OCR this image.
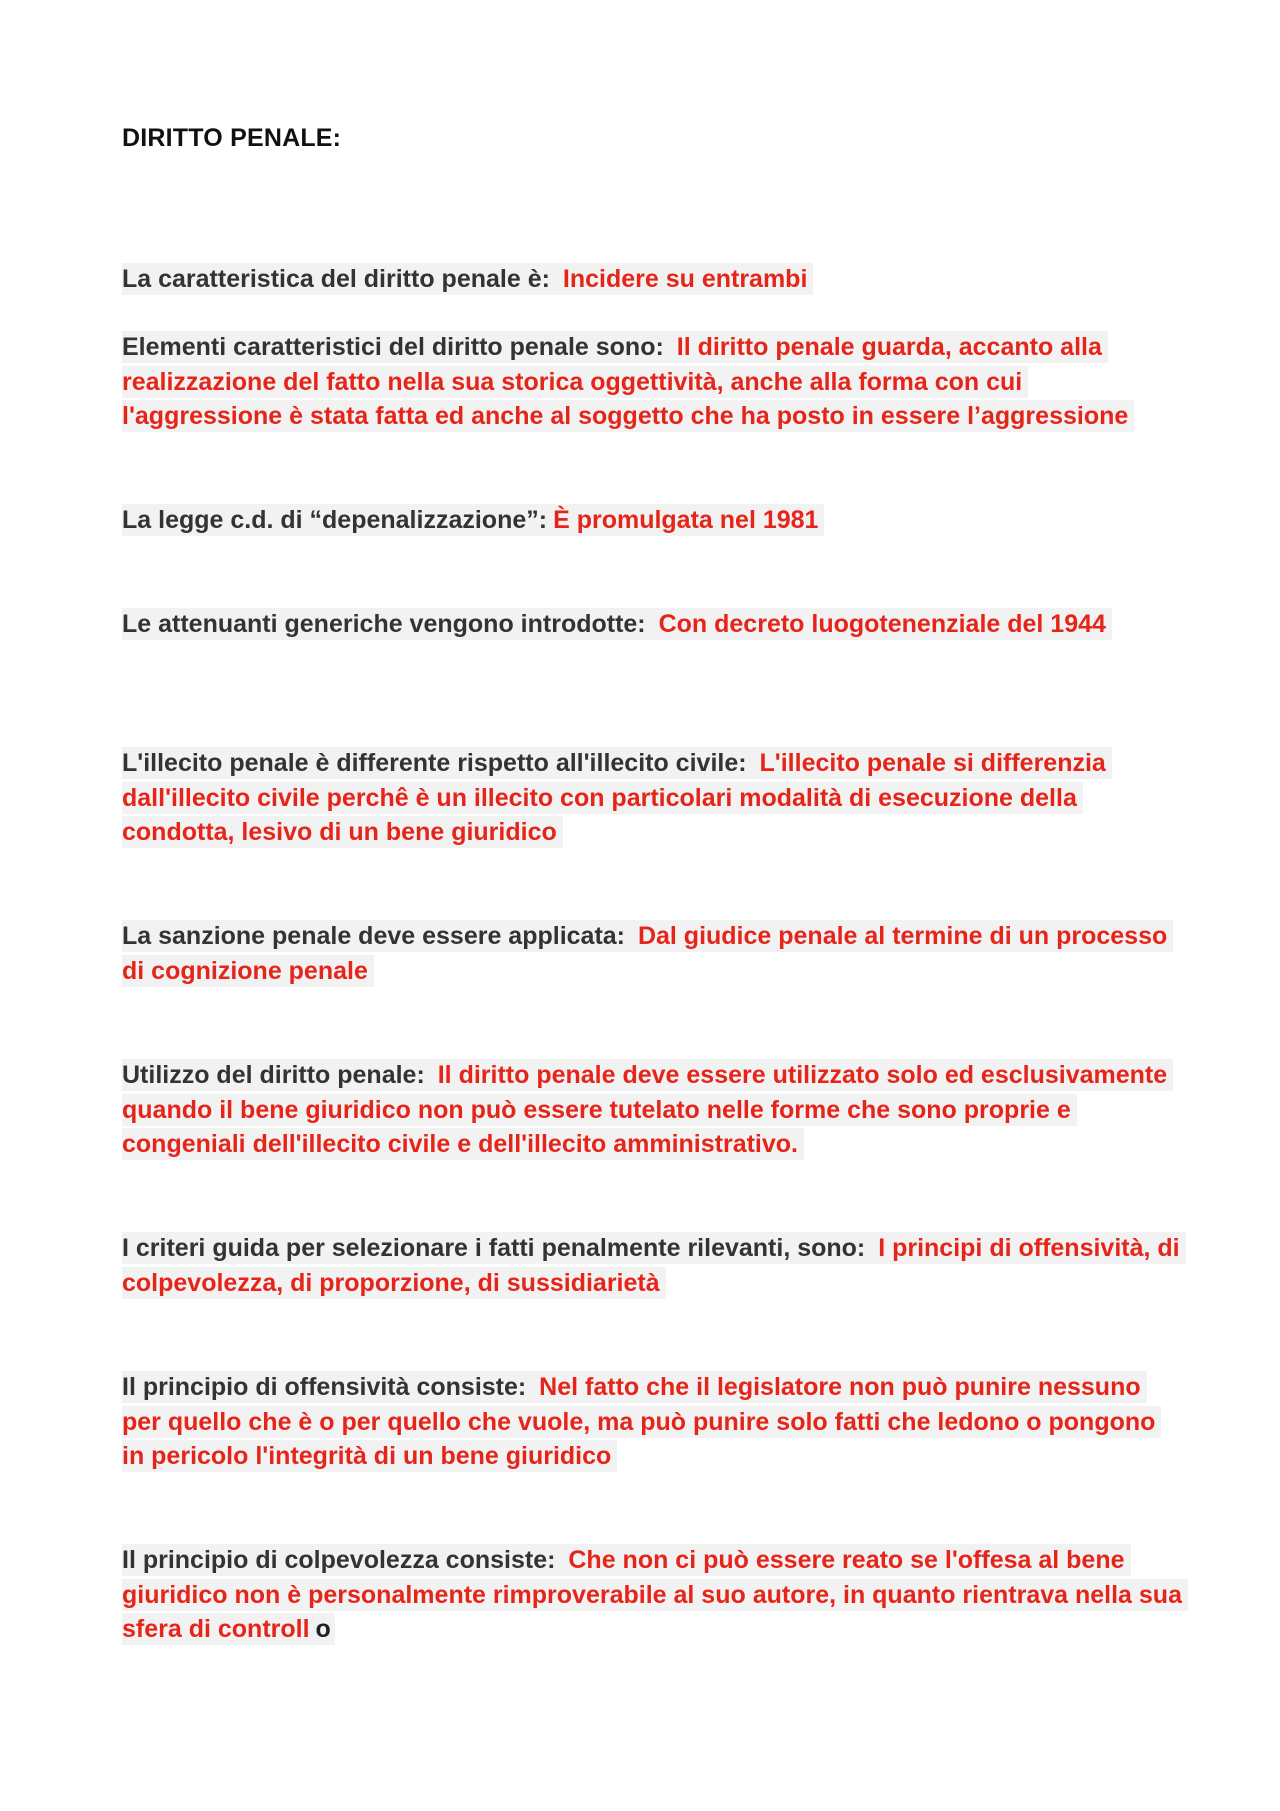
DIRITTO PENALE:

La caratteristica del diritto penale è: Incidere su entrambi

Elementi caratteristici del diritto penale sono: Il diritto penale guarda, accanto alla realizzazione del fatto nella sua storica oggettività, anche alla forma con cui l'aggressione è stata fatta ed anche al soggetto che ha posto in essere l’aggressione

La legge c.d. di “depenalizzazione”: È promulgata nel 1981

Le attenuanti generiche vengono introdotte: Con decreto luogotenenziale del 1944

L'illecito penale è differente rispetto all'illecito civile: L'illecito penale si differenzia dall'illecito civile perchê è un illecito con particolari modalità di esecuzione della condotta, lesivo di un bene giuridico

La sanzione penale deve essere applicata: Dal giudice penale al termine di un processo di cognizione penale

Utilizzo del diritto penale: Il diritto penale deve essere utilizzato solo ed esclusivamente quando il bene giuridico non può essere tutelato nelle forme che sono proprie e congeniali dell'illecito civile e dell'illecito amministrativo.

I criteri guida per selezionare i fatti penalmente rilevanti, sono: I principi di offensività, di colpevolezza, di proporzione, di sussidiarietà

Il principio di offensività consiste: Nel fatto che il legislatore non può punire nessuno per quello che è o per quello che vuole, ma può punire solo fatti che ledono o pongono in pericolo l'integrità di un bene giuridico

Il principio di colpevolezza consiste: Che non ci può essere reato se l'offesa al bene giuridico non è personalmente rimproverabile al suo autore, in quanto rientrava nella sua sfera di controll o
